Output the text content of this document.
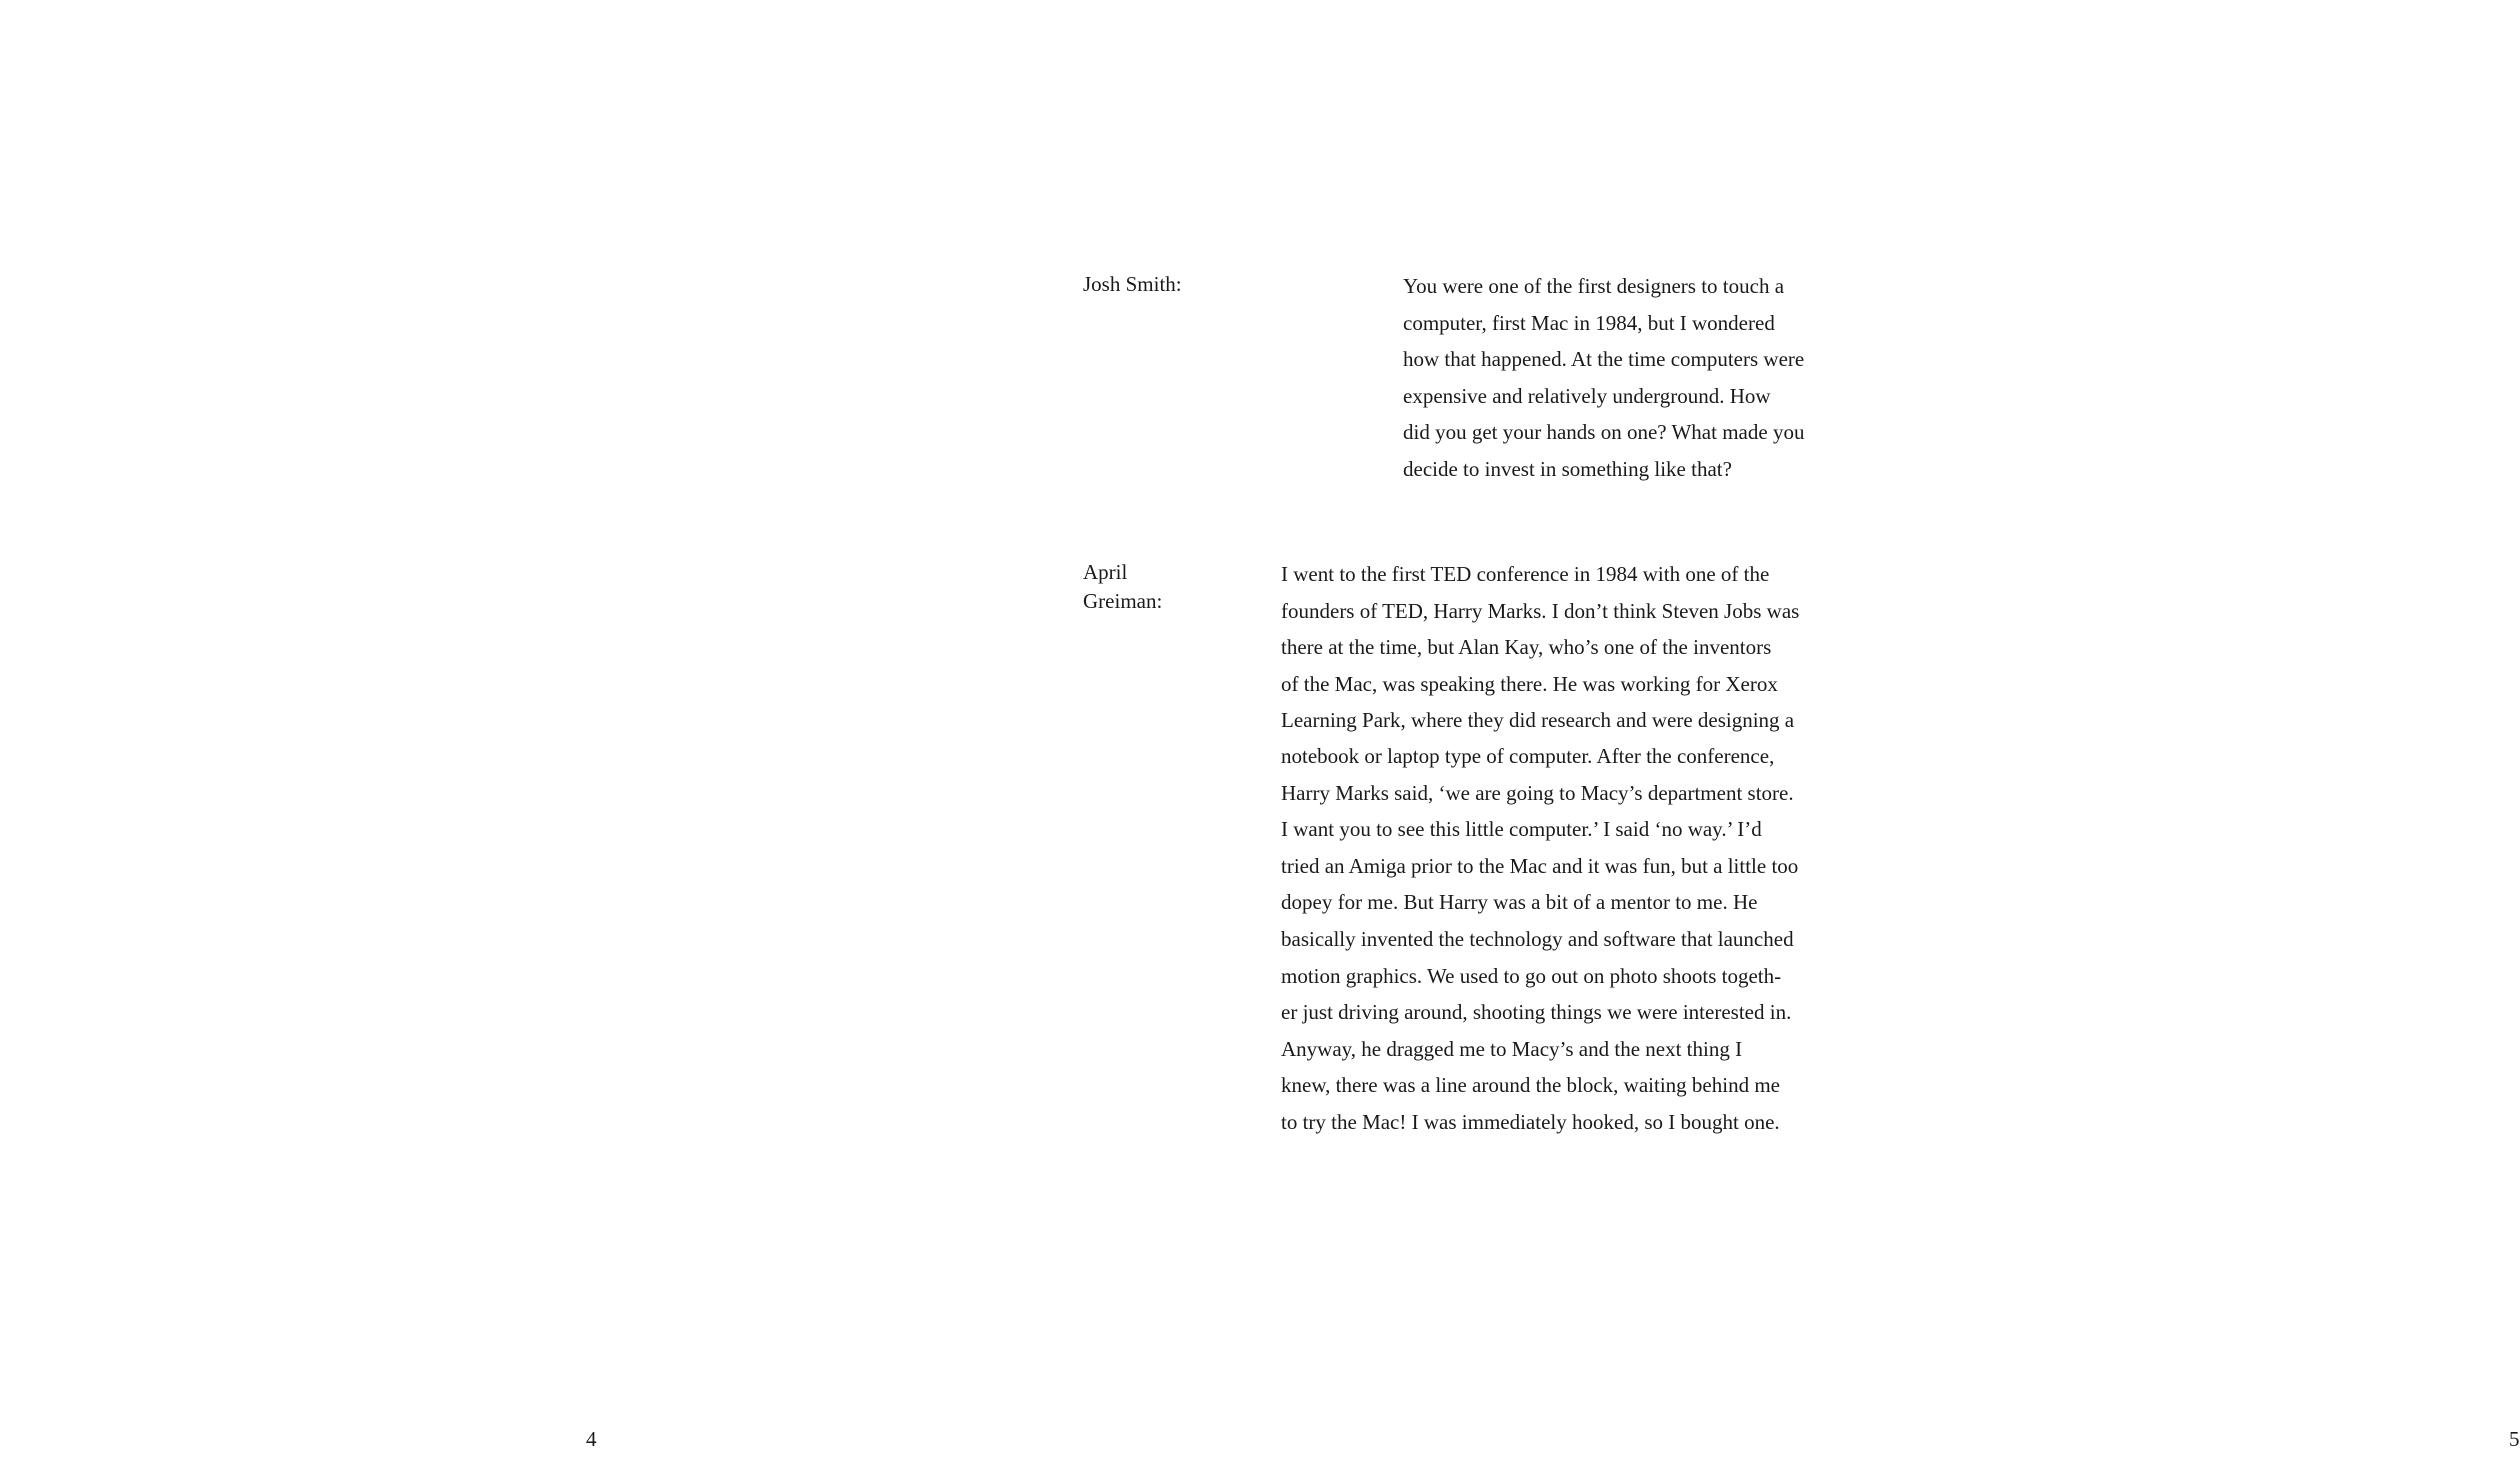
4
Josh Smith:	You were one of the first designers to touch a
computer, first Mac in 1984, but I wondered
how that happened. At the time computers were
expensive and relatively underground. How
did you get your hands on one? What made you
decide to invest in something like that?
April
Greiman:
I went to the first TED conference in 1984 with one of the
founders of TED, Harry Marks. I don’t think Steven Jobs was
there at the time, but Alan Kay, who’s one of the inventors
of the Mac, was speaking there. He was working for Xerox
Learning Park, where they did research and were designing a
notebook or laptop type of computer. After the conference,
Harry Marks said, ‘we are going to Macy’s department store.
I want you to see this little computer.’ I said ‘no way.’ I’d
tried an Amiga prior to the Mac and it was fun, but a little too
dopey for me. But Harry was a bit of a mentor to me. He
basically invented the technology and software that launched
motion graphics. We used to go out on photo shoots togeth-
er just driving around, shooting things we were interested in.
Anyway, he dragged me to Macy’s and the next thing I
knew, there was a line around the block, waiting behind me
to try the Mac! I was immediately hooked, so I bought one.
5
